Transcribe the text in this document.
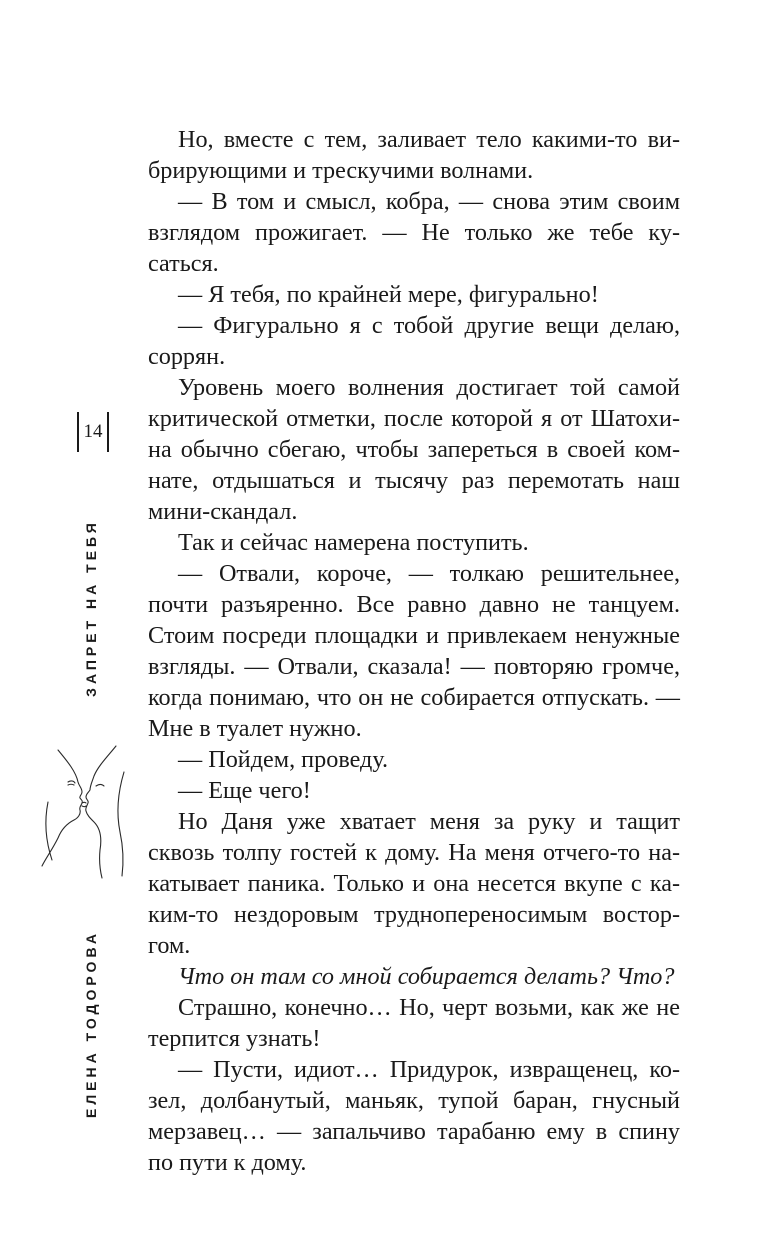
14
ЗАПРЕТ НА ТЕБЯ
ЕЛЕНА ТОДОРОВА

Но, вместе с тем, заливает тело какими-то вибрирующими и трескучими волнами.

— В том и смысл, кобра, — снова этим своим взглядом прожигает. — Не только же тебе кусаться.

— Я тебя, по крайней мере, фигурально!

— Фигурально я с тобой другие вещи делаю, соррян.

Уровень моего волнения достигает той самой критической отметки, после которой я от Шатохина обычно сбегаю, чтобы запереться в своей комнате, отдышаться и тысячу раз перемотать наш мини-скандал.

Так и сейчас намерена поступить.

— Отвали, короче, — толкаю решительнее, почти разъяренно. Все равно давно не танцуем. Стоим посреди площадки и привлекаем ненужные взгляды. — Отвали, сказала! — повторяю громче, когда понимаю, что он не собирается отпускать. — Мне в туалет нужно.

— Пойдем, проведу.

— Еще чего!

Но Даня уже хватает меня за руку и тащит сквозь толпу гостей к дому. На меня отчего-то накатывает паника. Только и она несется вкупе с каким-то нездоровым труднопереносимым восторгом.

Что он там со мной собирается делать? Что?

Страшно, конечно… Но, черт возьми, как же не терпится узнать!

— Пусти, идиот… Придурок, извращенец, козел, долбанутый, маньяк, тупой баран, гнусный мерзавец… — запальчиво тарабаню ему в спину по пути к дому.
